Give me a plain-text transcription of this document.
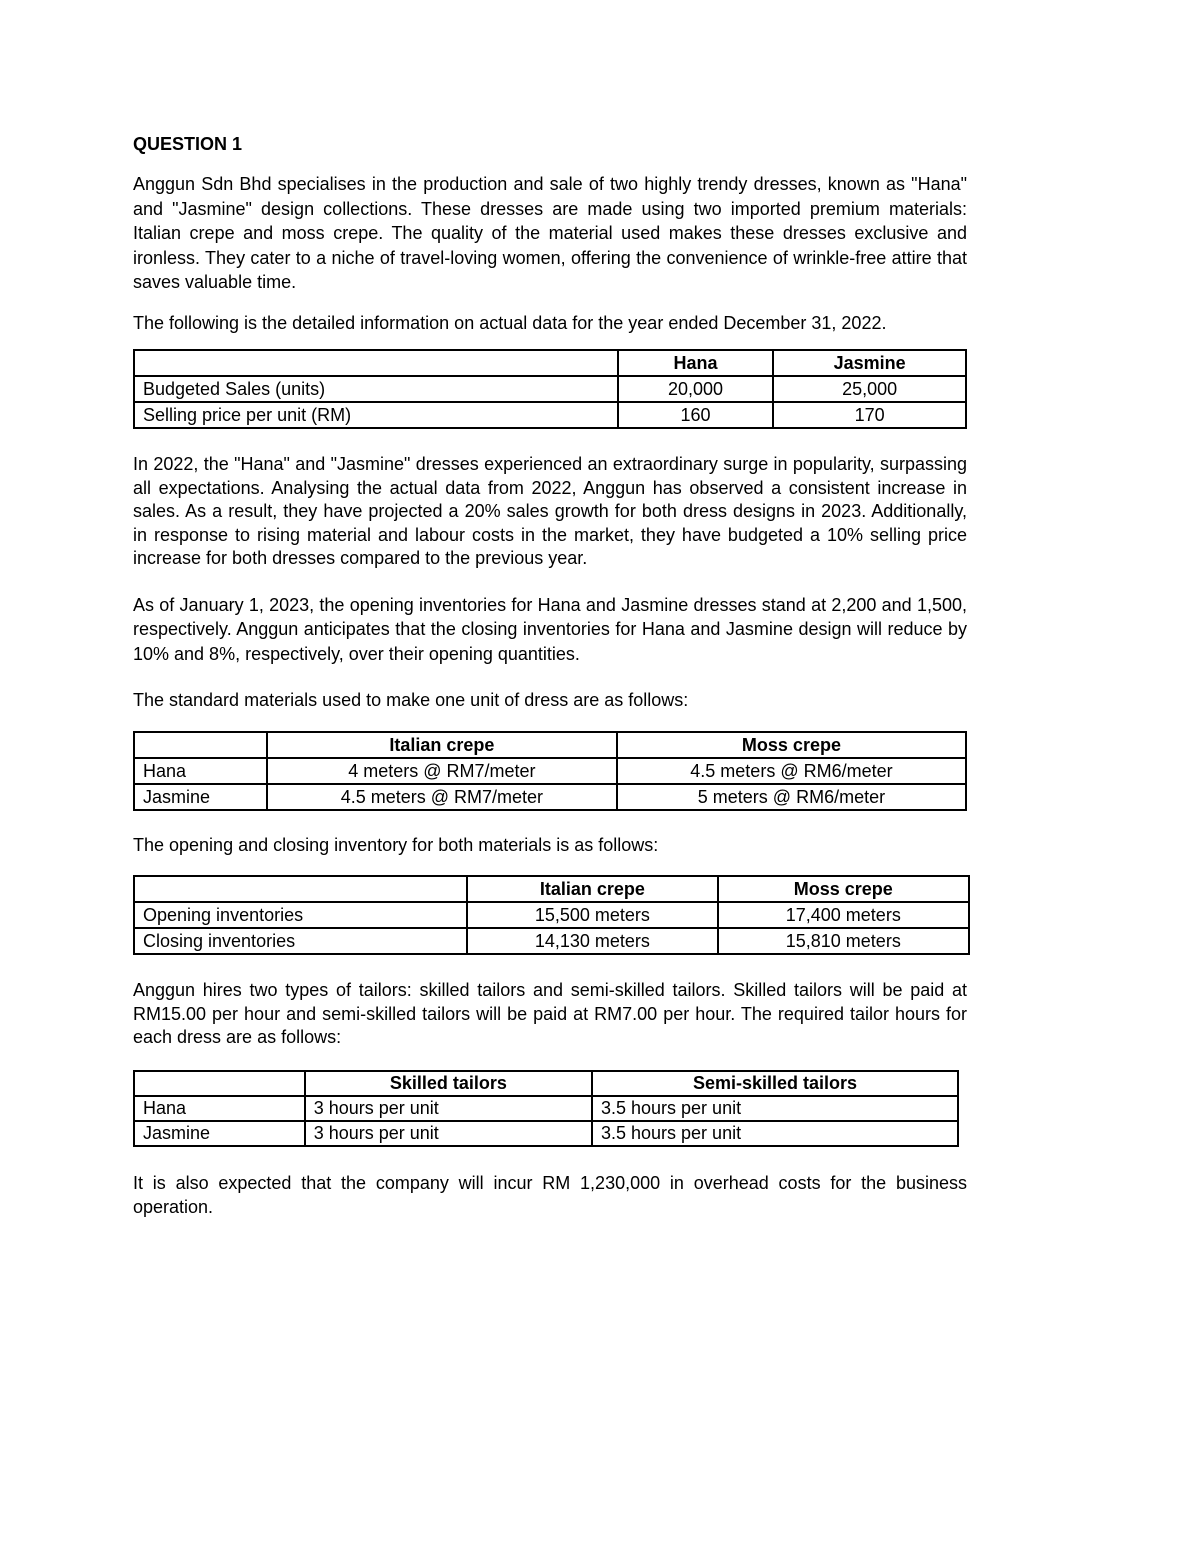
QUESTION 1

Anggun Sdn Bhd specialises in the production and sale of two highly trendy dresses, known as "Hana" and "Jasmine" design collections. These dresses are made using two imported premium materials: Italian crepe and moss crepe. The quality of the material used makes these dresses exclusive and ironless. They cater to a niche of travel-loving women, offering the convenience of wrinkle-free attire that saves valuable time.

The following is the detailed information on actual data for the year ended December 31, 2022.

	Hana	Jasmine
Budgeted Sales (units)	20,000	25,000
Selling price per unit (RM)	160	170

In 2022, the "Hana" and "Jasmine" dresses experienced an extraordinary surge in popularity, surpassing all expectations. Analysing the actual data from 2022, Anggun has observed a consistent increase in sales. As a result, they have projected a 20% sales growth for both dress designs in 2023. Additionally, in response to rising material and labour costs in the market, they have budgeted a 10% selling price increase for both dresses compared to the previous year.

As of January 1, 2023, the opening inventories for Hana and Jasmine dresses stand at 2,200 and 1,500, respectively. Anggun anticipates that the closing inventories for Hana and Jasmine design will reduce by 10% and 8%, respectively, over their opening quantities.

The standard materials used to make one unit of dress are as follows:

	Italian crepe	Moss crepe
Hana	4 meters @ RM7/meter	4.5 meters @ RM6/meter
Jasmine	4.5 meters @ RM7/meter	5 meters @ RM6/meter

The opening and closing inventory for both materials is as follows:

	Italian crepe	Moss crepe
Opening inventories	15,500 meters	17,400 meters
Closing inventories	14,130 meters	15,810 meters

Anggun hires two types of tailors: skilled tailors and semi-skilled tailors. Skilled tailors will be paid at RM15.00 per hour and semi-skilled tailors will be paid at RM7.00 per hour. The required tailor hours for each dress are as follows:

	Skilled tailors	Semi-skilled tailors
Hana	3 hours per unit	3.5 hours per unit
Jasmine	3 hours per unit	3.5 hours per unit

It is also expected that the company will incur RM 1,230,000 in overhead costs for the business operation.
